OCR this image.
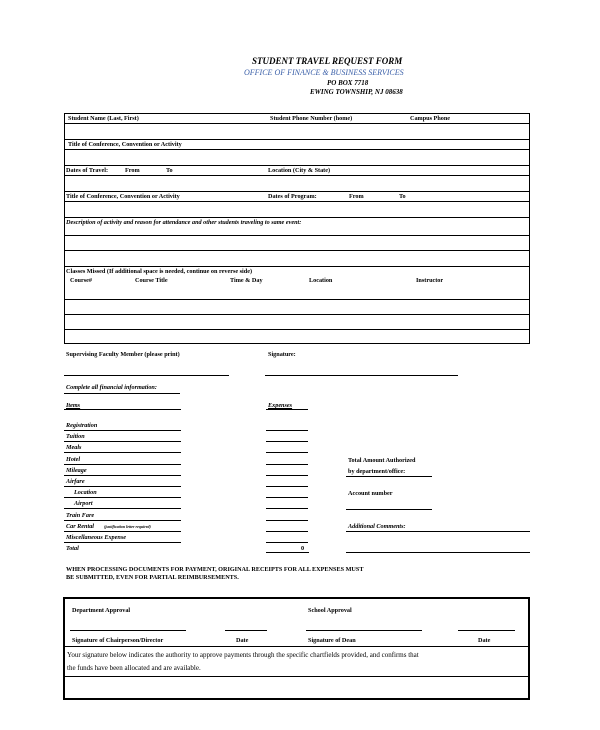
STUDENT TRAVEL REQUEST FORM
OFFICE OF FINANCE & BUSINESS SERVICES
PO BOX 7718
EWING TOWNSHIP, NJ 08638
Student Name (Last, First)	Student Phone Number (home)	Campus Phone
Title of Conference, Convention or Activity
Dates of Travel:	From	To	Location (City & State)
Title of Conference, Convention or Activity	Dates of Program:	From	To
Description of activity and reason for attendance and other students traveling to same event:
Classes Missed (If additional space is needed, continue on reverse side)
Course#	Course Title	Time & Day	Location	Instructor
Supervising Faculty Member (please print)	Signature:
Complete all financial information:
Items	Expenses
Registration
Tuition
Meals
Hotel
Mileage
Airfare
Location
Airport
Train Fare
Car Rental (justification letter required)
Miscellaneous Expense
Total	0
Total Amount Authorized
by department/office:
Account number
Additional Comments:
WHEN PROCESSING DOCUMENTS FOR PAYMENT, ORIGINAL RECEIPTS FOR ALL EXPENSES MUST
BE SUBMITTED, EVEN FOR PARTIAL REIMBURSEMENTS.
Department Approval	School Approval
Signature of Chairperson/Director	Date	Signature of Dean	Date
Your signature below indicates the authority to approve payments through the specific chartfields provided, and confirms that
the funds have been allocated and are available.
